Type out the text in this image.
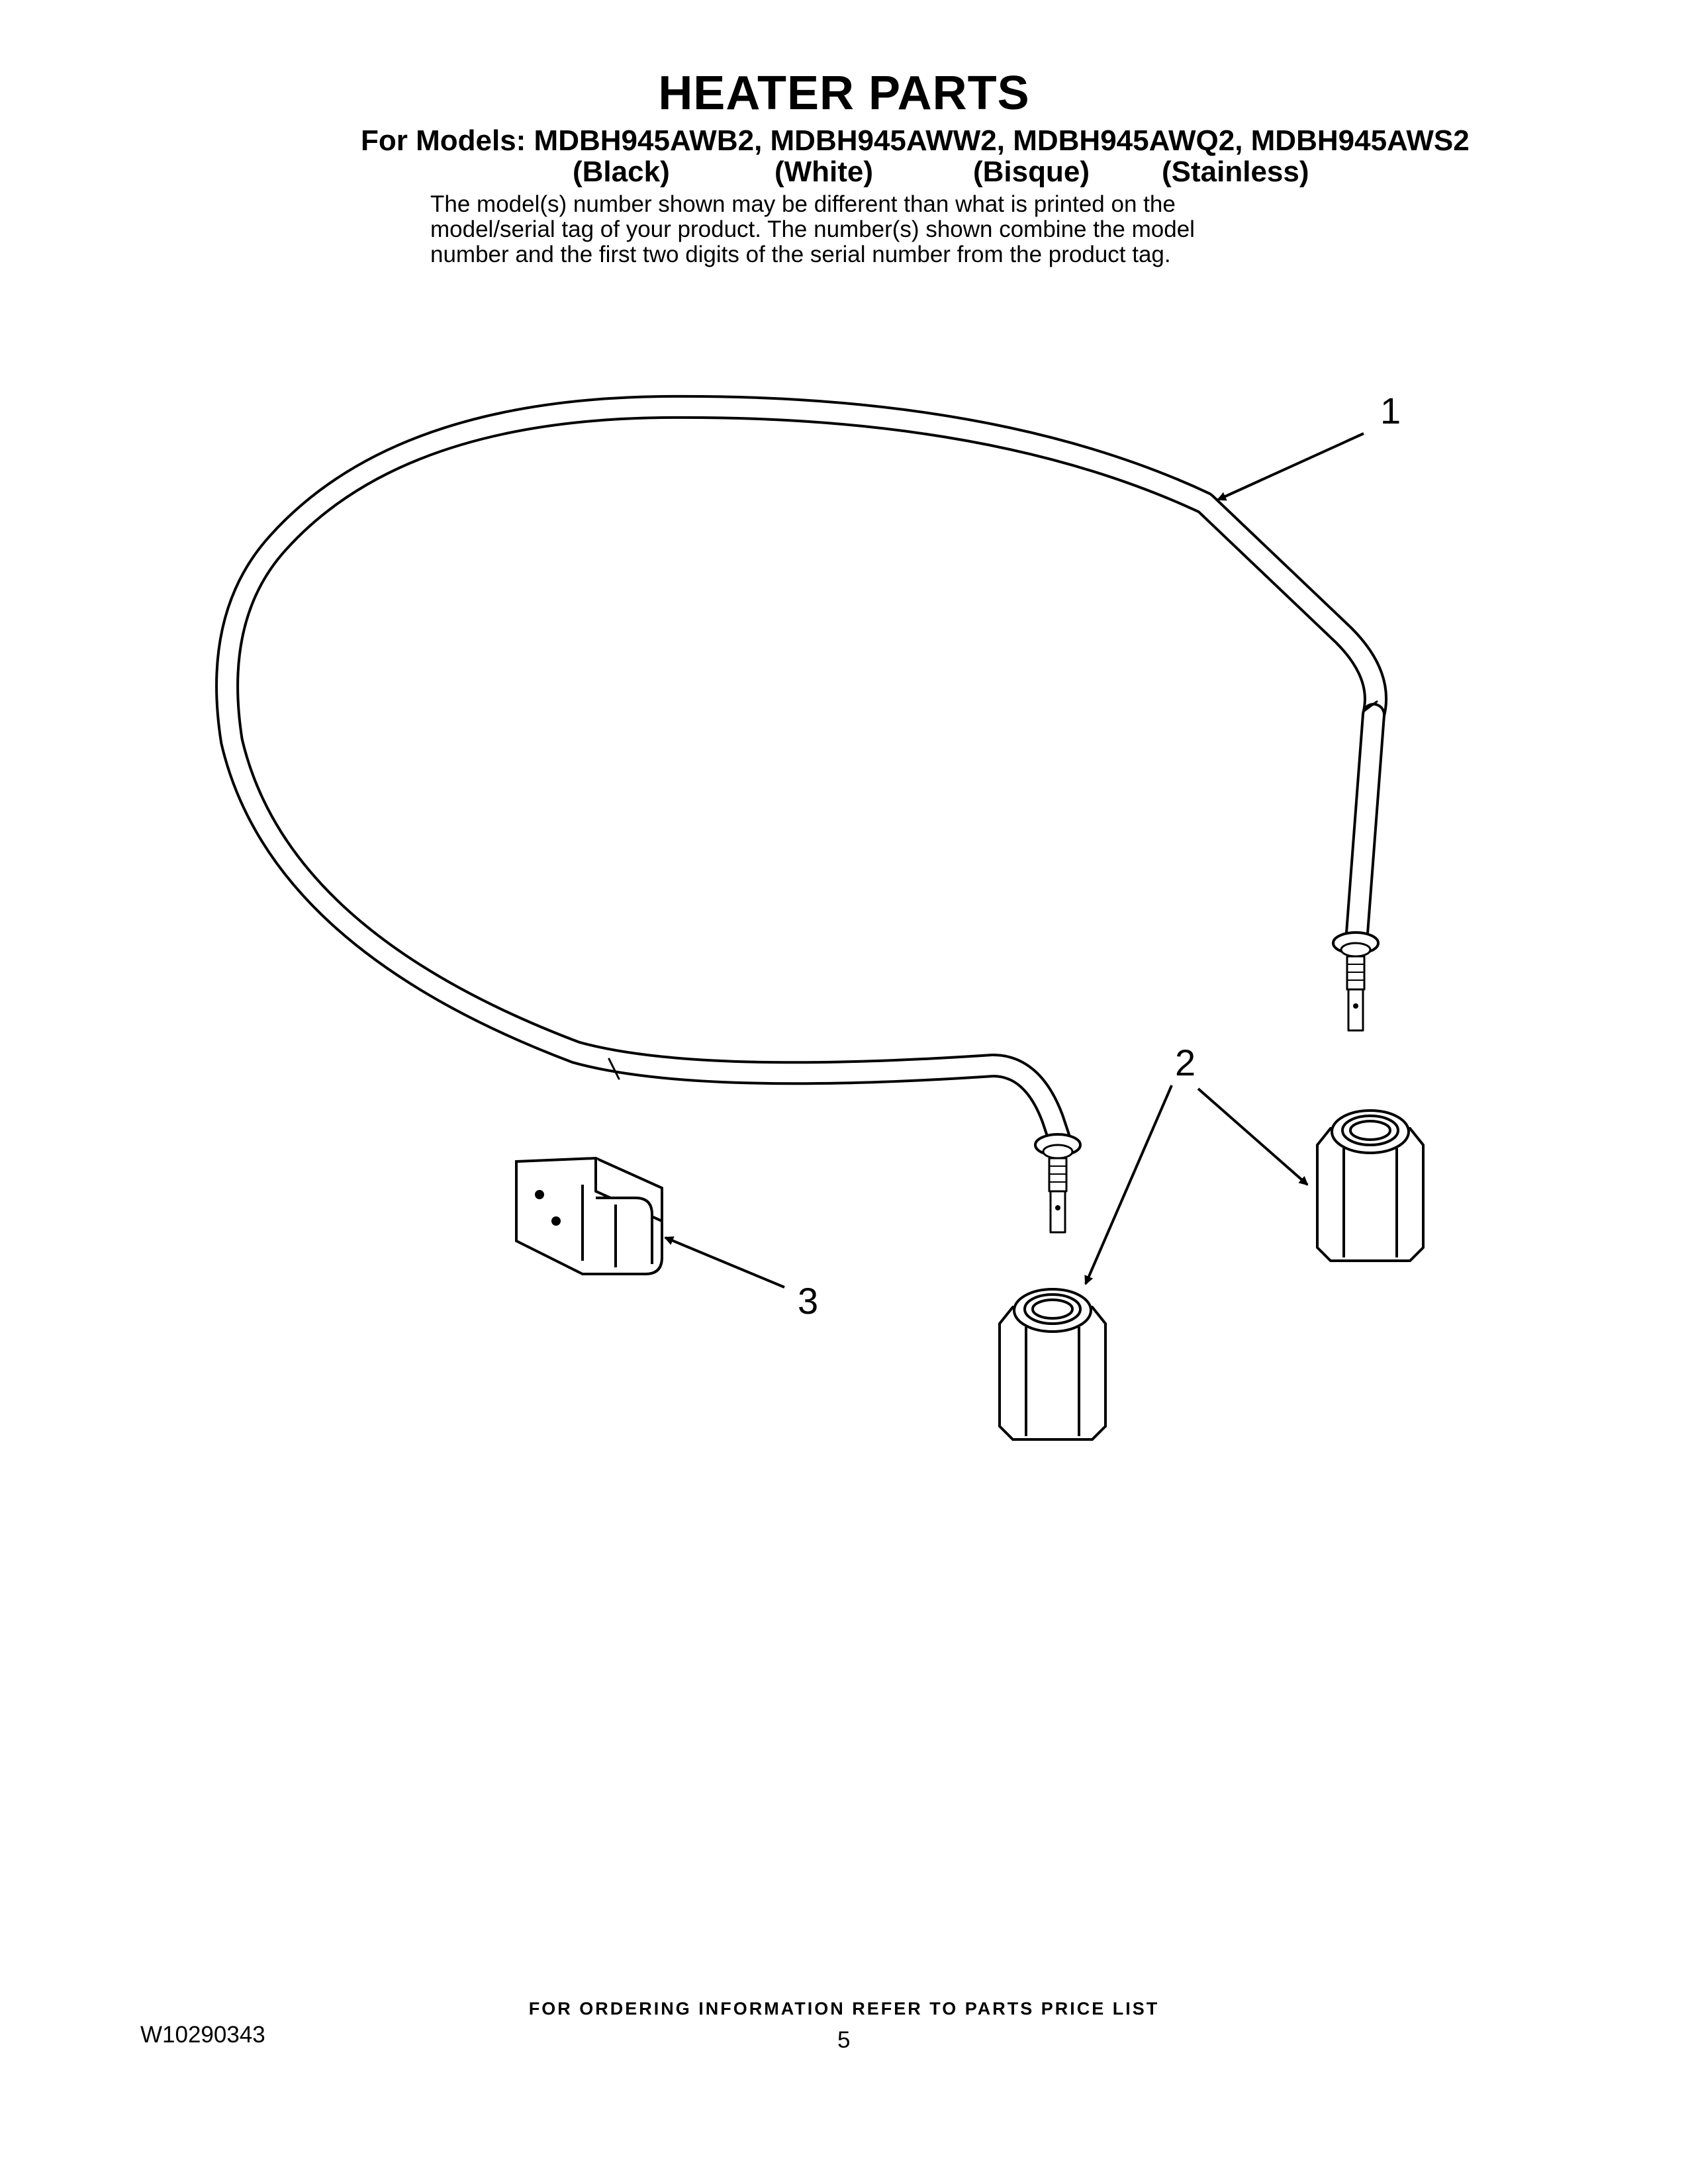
HEATER PARTS
For Models: MDBH945AWB2, MDBH945AWW2, MDBH945AWQ2, MDBH945AWS2
(Black)	(White)	(Bisque) (Stainless)
The model(s) number shown may be different than what is printed on the
model/serial tag of your product. The number(s) shown combine the model
number and the first two digits of the serial number from the product tag.
1
2
3
FOR ORDERING INFORMATION REFER TO PARTS PRICE LIST
W10290343	5
